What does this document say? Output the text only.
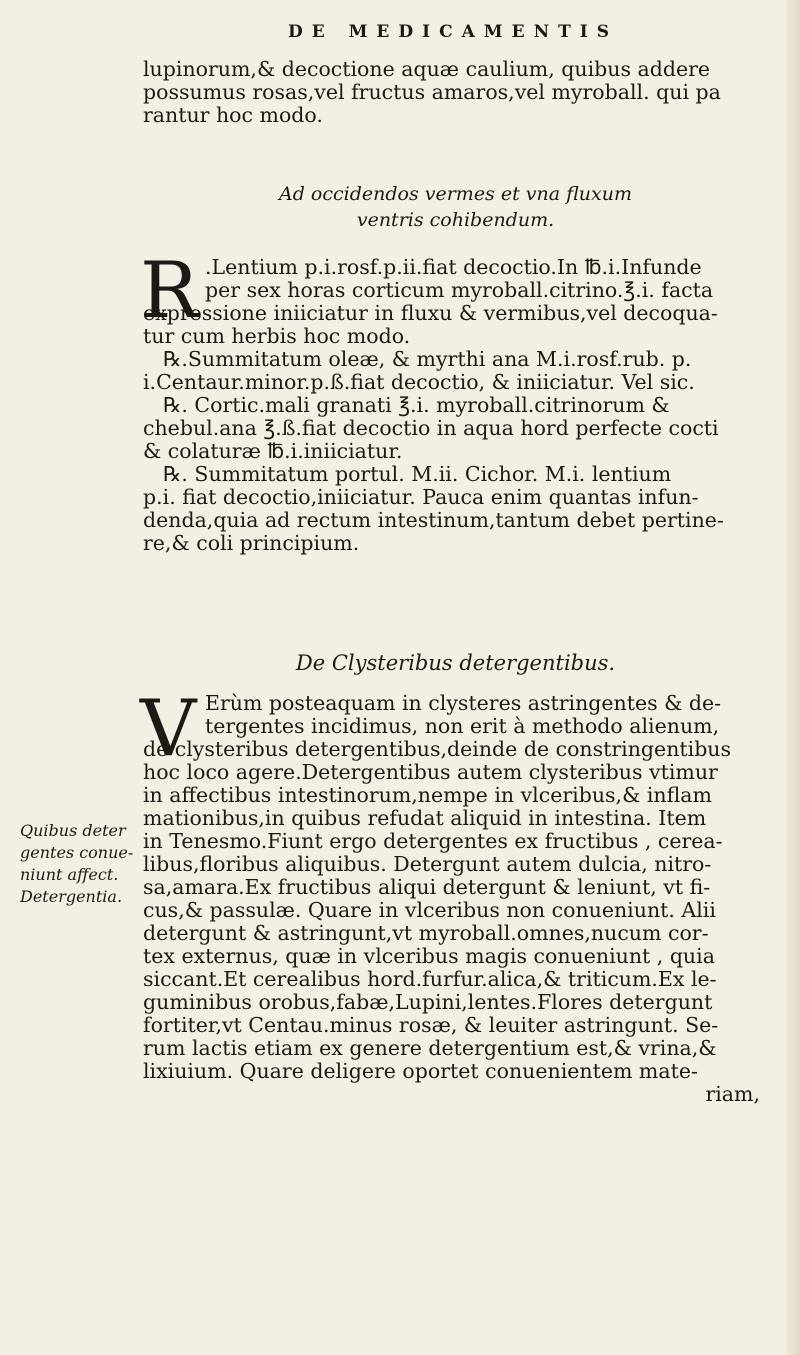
DE MEDICAMENTIS
lupinorum,& decoctione aquæ caulium, quibus addere
possumus rosas,vel fructus amaros,vel myroball. qui pa
rantur hoc modo.
Ad occidendos vermes et vna fluxum
ventris cohibendum.
R .Lentium p.i.rosf.p.ii.fiat decoctio.In ℔.i.Infunde
per sex horas corticum myroball.citrino.℥.i. facta
expressione iniiciatur in fluxu & vermibus,vel decoqua-
tur cum herbis hoc modo.
℞.Summitatum oleæ, & myrthi ana M.i.rosf.rub. p.
i.Centaur.minor.p.ß.fiat decoctio, & iniiciatur. Vel sic.
℞. Cortic.mali granati ℥.i. myroball.citrinorum &
chebul.ana ℥.ß.fiat decoctio in aqua hord perfecte cocti
& colaturæ ℔.i.iniiciatur.
℞. Summitatum portul. M.ii. Cichor. M.i. lentium
p.i. fiat decoctio,iniiciatur. Pauca enim quantas infun-
denda,quia ad rectum intestinum,tantum debet pertine-
re,& coli principium.
De Clysteribus detergentibus.
V Erùm posteaquam in clysteres astringentes & de-
tergentes incidimus, non erit à methodo alienum,
de clysteribus detergentibus,deinde de constringentibus
hoc loco agere.Detergentibus autem clysteribus vtimur
in affectibus intestinorum,nempe in vlceribus,& inflam
mationibus,in quibus refudat aliquid in intestina. Item
in Tenesmo.Fiunt ergo detergentes ex fructibus , cerea-
libus,floribus aliquibus. Detergunt autem dulcia, nitro-
sa,amara.Ex fructibus aliqui detergunt & leniunt, vt fi-
cus,& passulæ. Quare in vlceribus non conueniunt. Alii
detergunt & astringunt,vt myroball.omnes,nucum cor-
tex externus, quæ in vlceribus magis conueniunt , quia
siccant.Et cerealibus hord.furfur.alica,& triticum.Ex le-
guminibus orobus,fabæ,Lupini,lentes.Flores detergunt
fortiter,vt Centau.minus rosæ, & leuiter astringunt. Se-
rum lactis etiam ex genere detergentium est,& vrina,&
lixiuium. Quare deligere oportet conuenientem mate-
riam,
Quibus deter
gentes conue-
niunt affect.
Detergentia.
